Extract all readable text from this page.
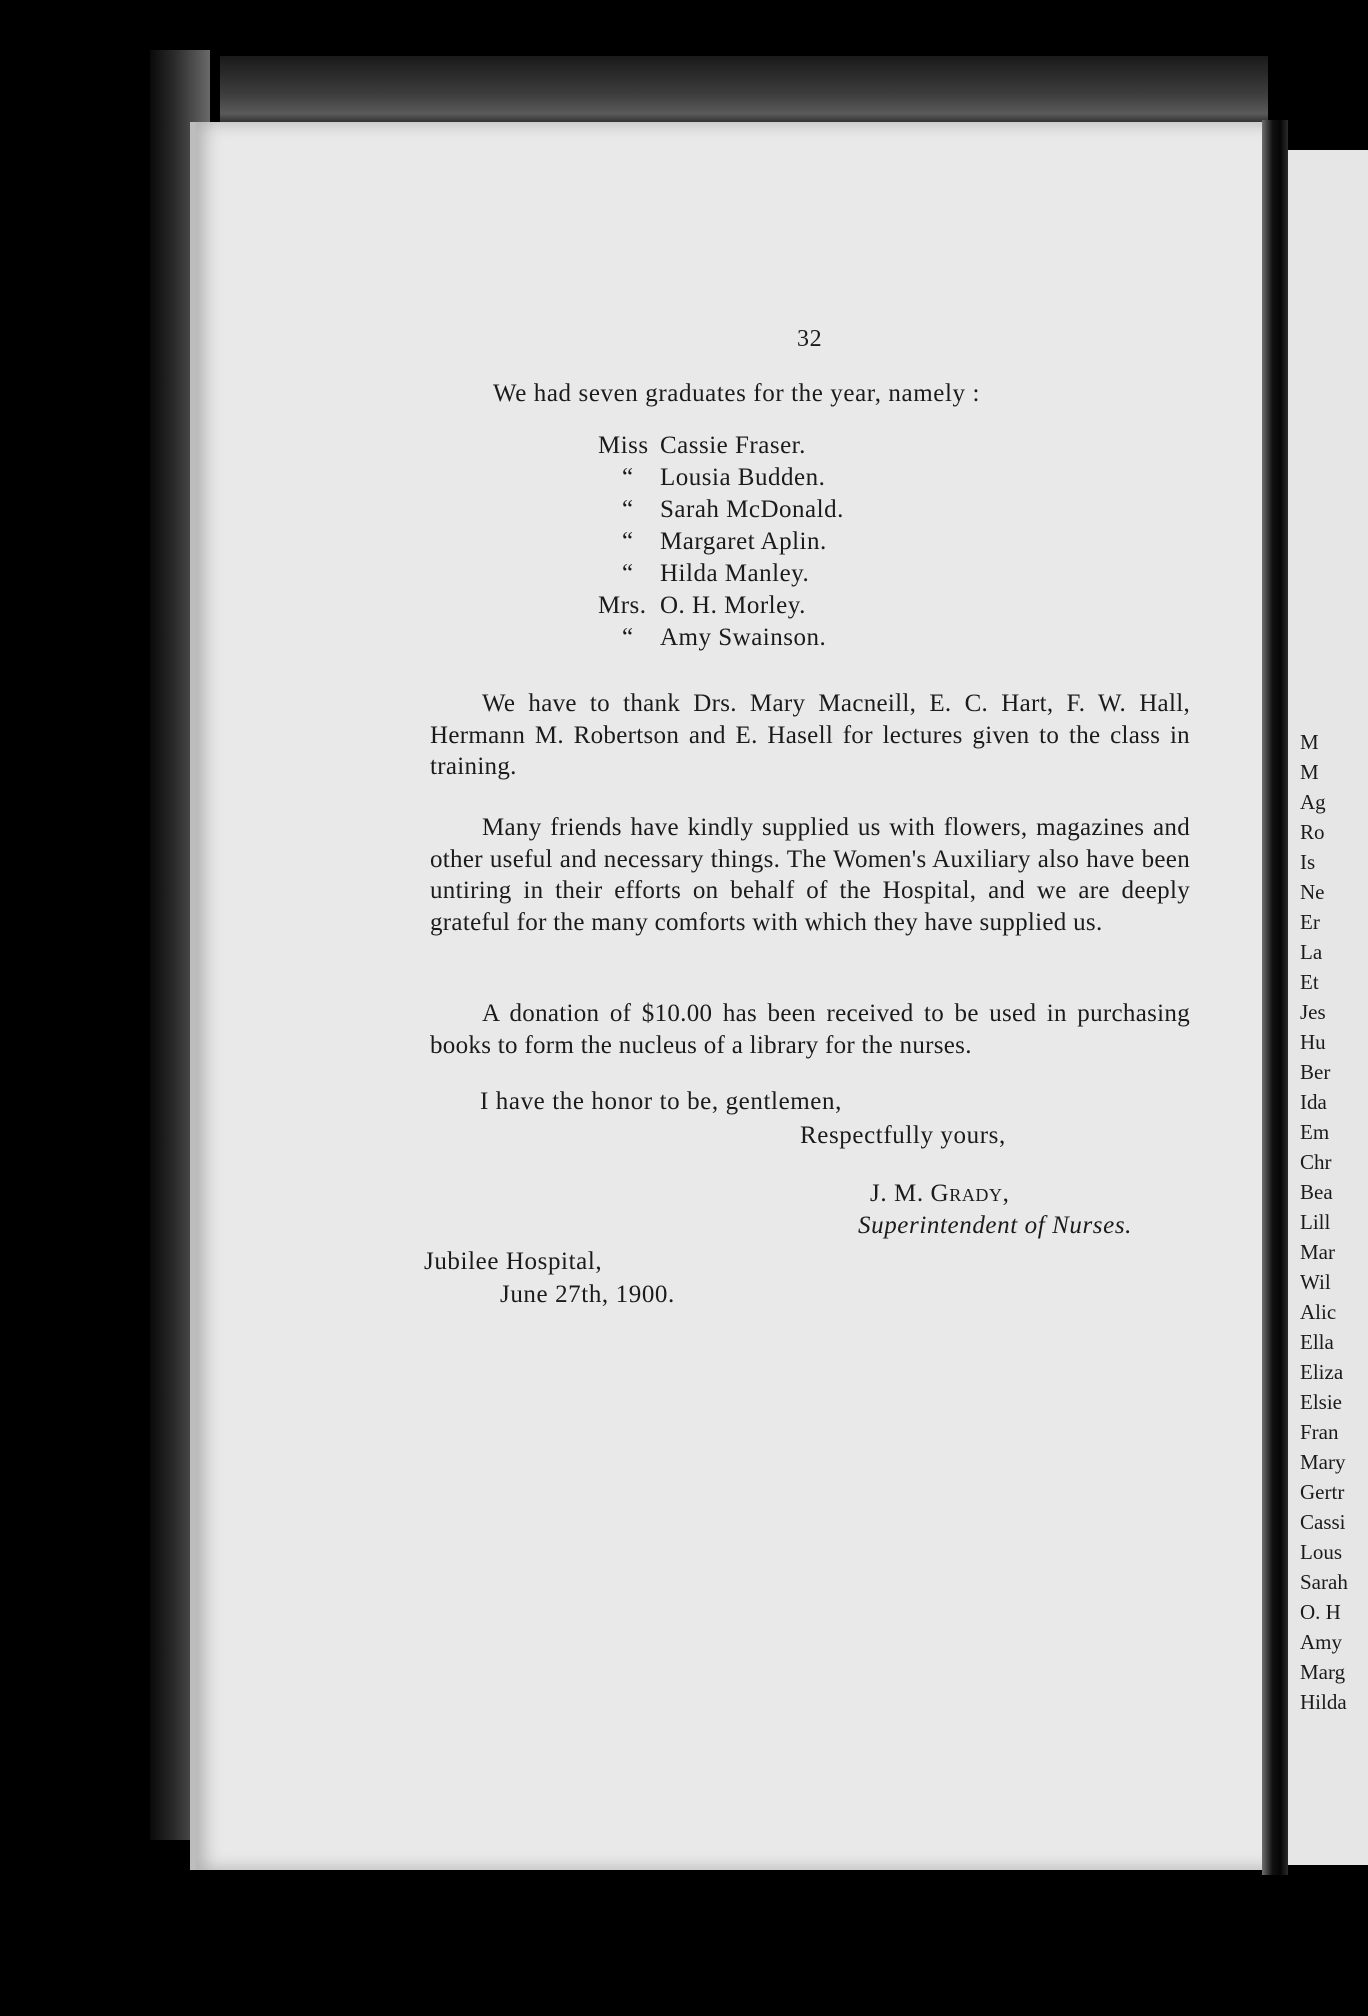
32
We had seven graduates for the year, namely :
Miss Cassie Fraser.
“ Lousia Budden.
“ Sarah McDonald.
“ Margaret Aplin.
“ Hilda Manley.
Mrs. O. H. Morley.
“ Amy Swainson.

We have to thank Drs. Mary Macneill, E. C. Hart, F. W. Hall, Hermann M. Robertson and E. Hasell for lectures given to the class in training.

Many friends have kindly supplied us with flowers, magazines and other useful and necessary things. The Women's Auxiliary also have been untiring in their efforts on behalf of the Hospital, and we are deeply grateful for the many comforts with which they have supplied us.

A donation of $10.00 has been received to be used in purchasing books to form the nucleus of a library for the nurses.

I have the honor to be, gentlemen,
Respectfully yours,
J. M. Grady,
Superintendent of Nurses.
Jubilee Hospital,
June 27th, 1900.
M
M
Ag
Ro
Is
Ne
Er
La
Et
Jes
Hu
Ber
Ida
Em
Chr
Bea
Lill
Mar
Wil
Alic
Ella
Eliza
Elsie
Fran
Mary
Gertr
Cassi
Lous
Sarah
O. H
Amy
Marg
Hilda
